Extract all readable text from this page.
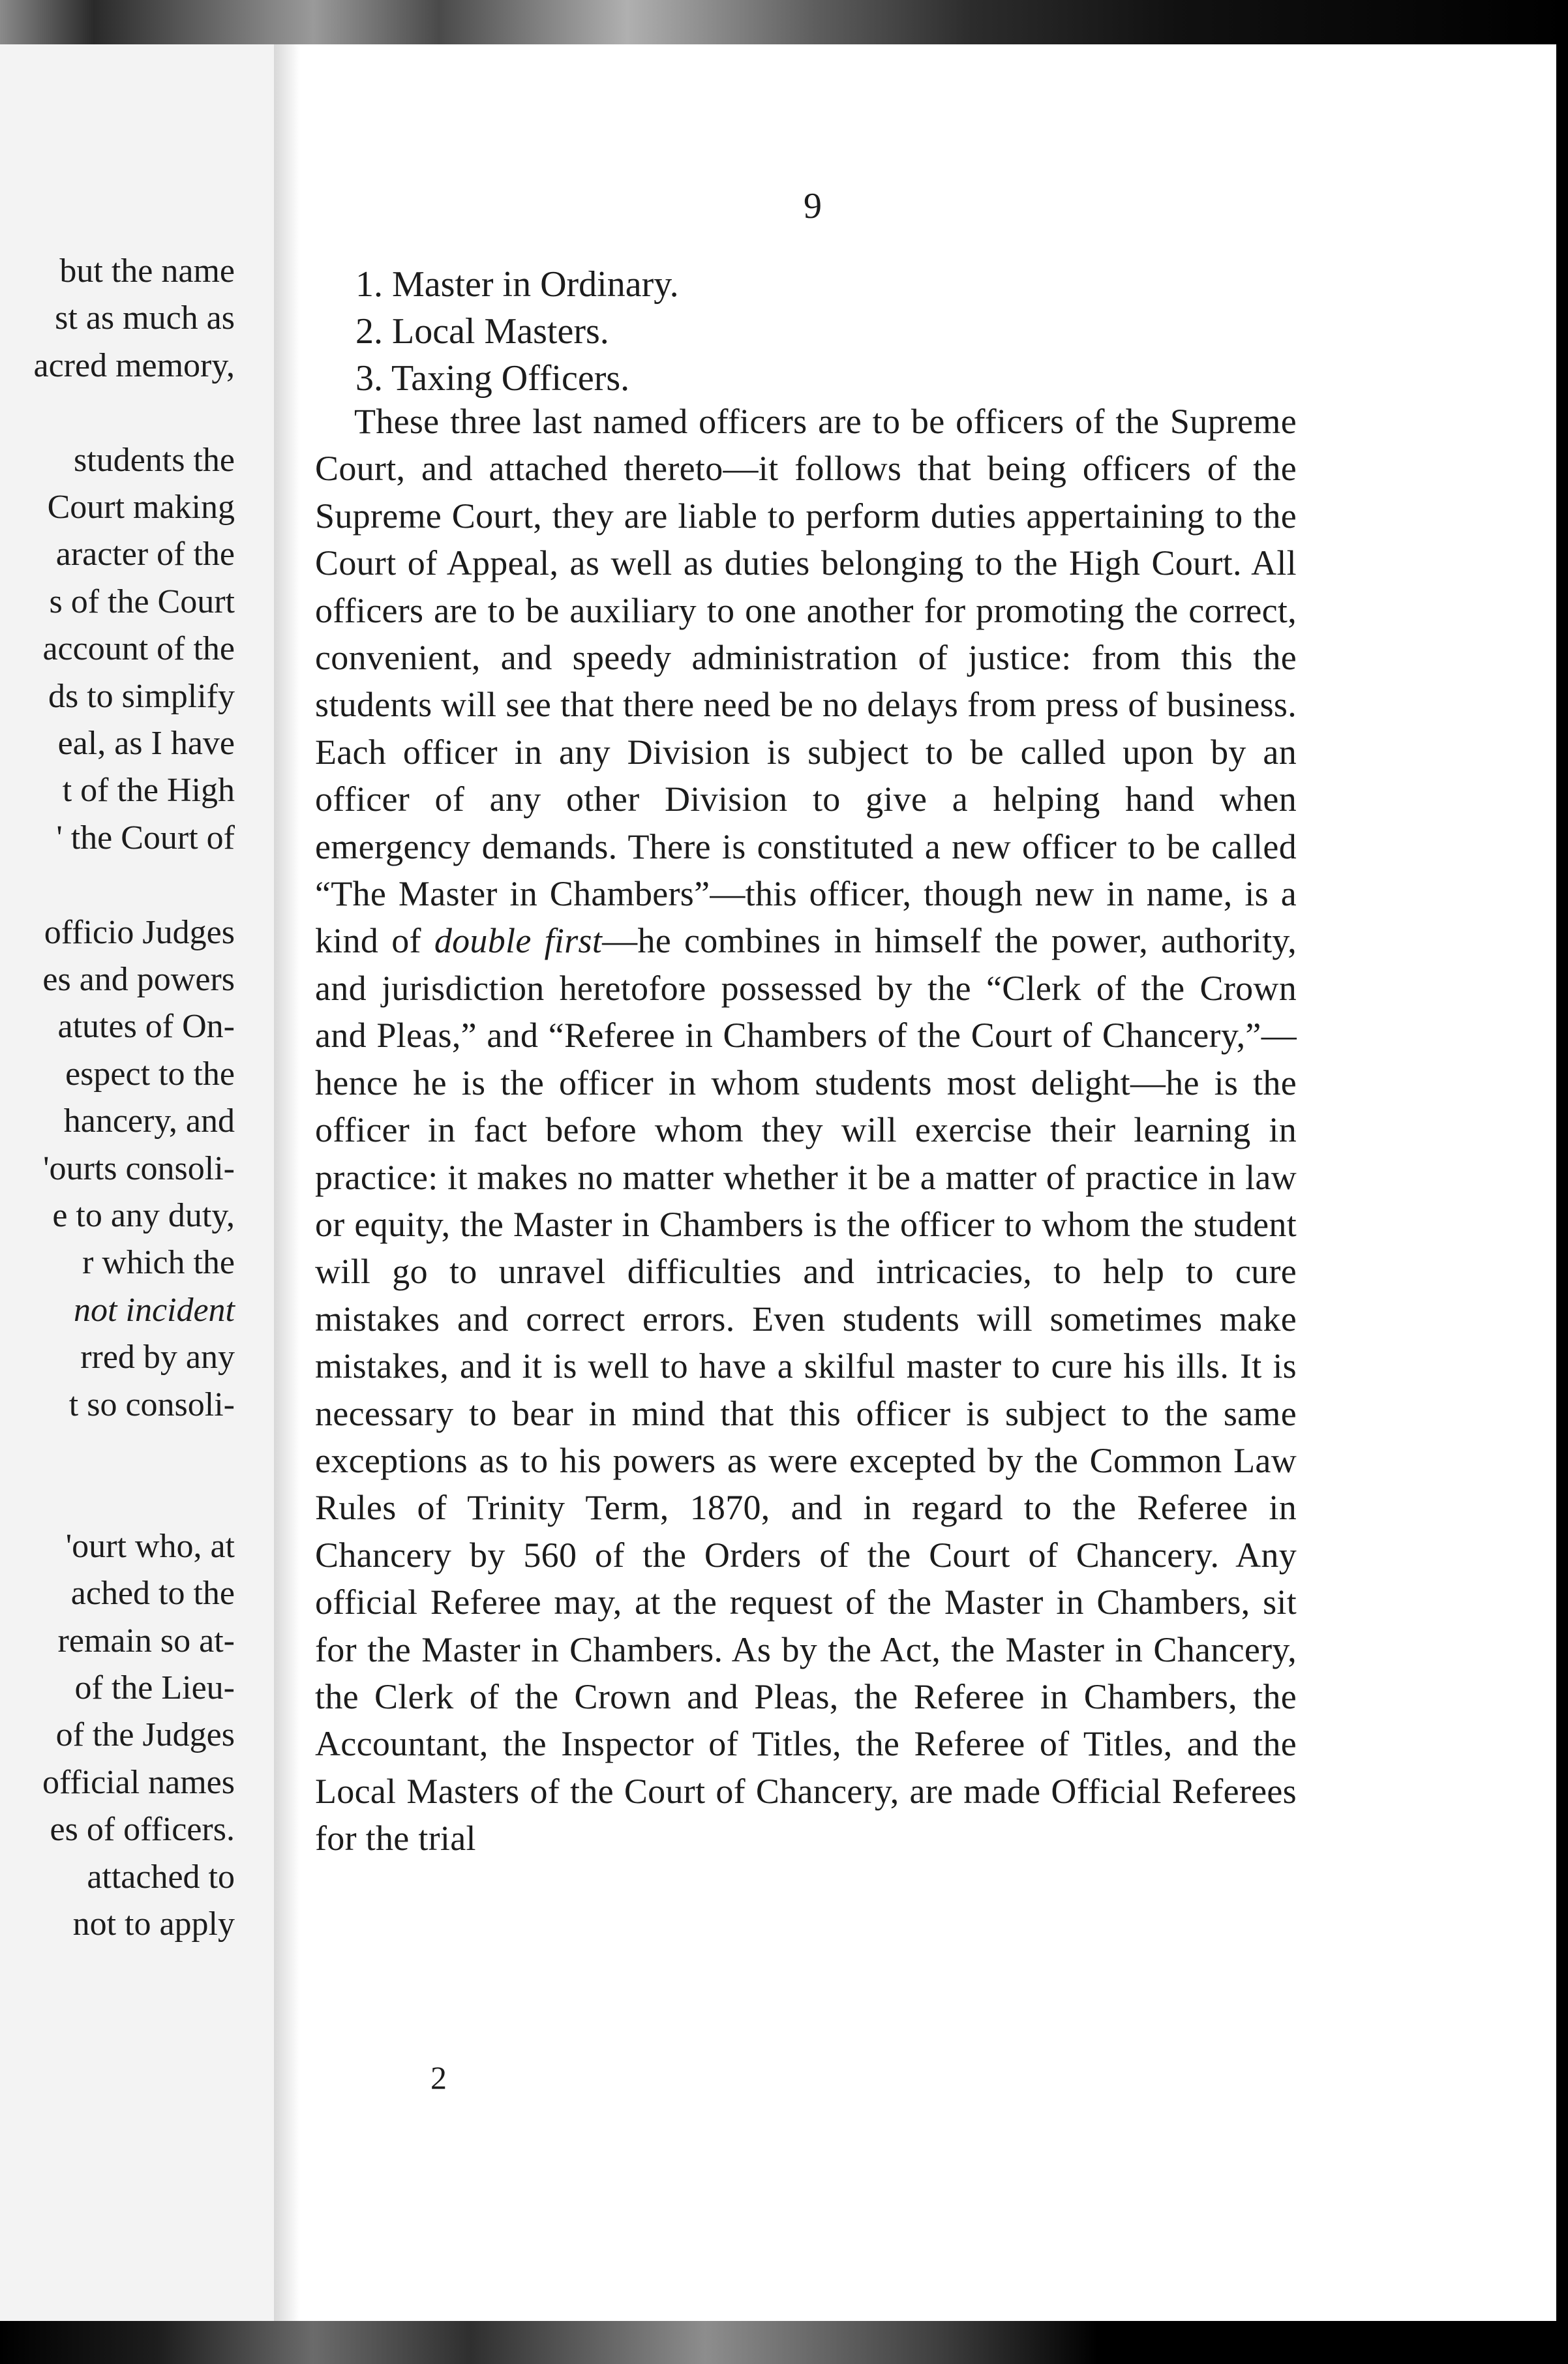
but the name
st as much as
acred memory,
students the
Court making
aracter of the
s of the Court
account of the
ds to simplify
eal, as I have
t of the High
' the Court of
officio Judges
es and powers
atutes of On-
espect to the
hancery, and
'ourts consoli-
e to any duty,
r which the
not incident
rred by any
t so consoli-
'ourt who, at
ached to the
remain so at-
of the Lieu-
of the Judges
official names
es of officers.
attached to
not to apply
9
1. Master in Ordinary.
2. Local Masters.
3. Taxing Officers.
These three last named officers are to be officers of the Supreme Court, and attached thereto—it follows that being officers of the Supreme Court, they are liable to perform duties appertaining to the Court of Appeal, as well as duties belonging to the High Court. All officers are to be auxiliary to one another for promoting the correct, convenient, and speedy administration of justice: from this the students will see that there need be no delays from press of business. Each officer in any Division is subject to be called upon by an officer of any other Division to give a helping hand when emergency demands. There is constituted a new officer to be called “The Master in Chambers”—this officer, though new in name, is a kind of double first—he combines in himself the power, authority, and jurisdiction heretofore possessed by the “Clerk of the Crown and Pleas,” and “Referee in Chambers of the Court of Chancery,”—hence he is the officer in whom students most delight—he is the officer in fact before whom they will exercise their learning in practice: it makes no matter whether it be a matter of practice in law or equity, the Master in Chambers is the officer to whom the student will go to unravel difficulties and intricacies, to help to cure mistakes and correct errors. Even students will sometimes make mistakes, and it is well to have a skilful master to cure his ills. It is necessary to bear in mind that this officer is subject to the same exceptions as to his powers as were excepted by the Common Law Rules of Trinity Term, 1870, and in regard to the Referee in Chancery by 560 of the Orders of the Court of Chancery. Any official Referee may, at the request of the Master in Chambers, sit for the Master in Chambers. As by the Act, the Master in Chancery, the Clerk of the Crown and Pleas, the Referee in Chambers, the Accountant, the Inspector of Titles, the Referee of Titles, and the Local Masters of the Court of Chancery, are made Official Referees for the trial
2
